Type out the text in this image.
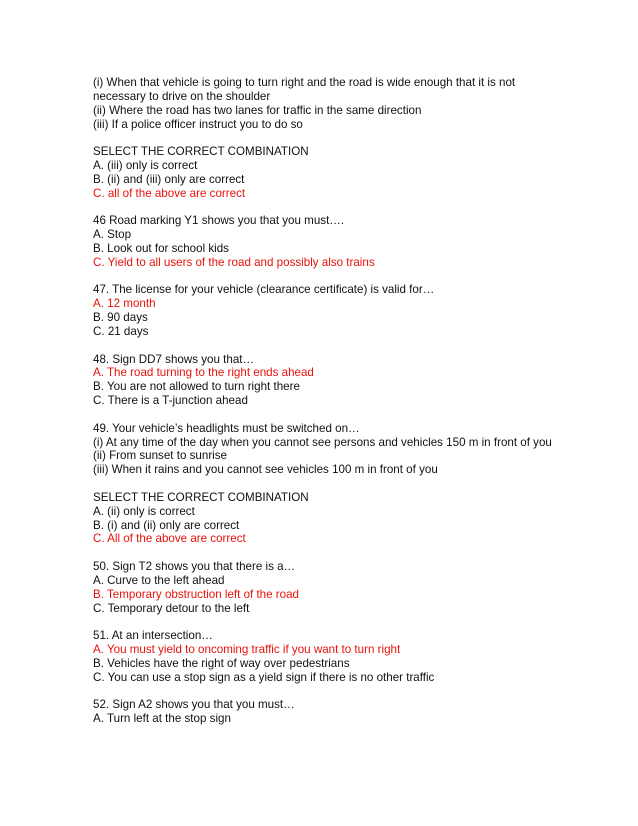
(i) When that vehicle is going to turn right and the road is wide enough that it is not necessary to drive on the shoulder
(ii) Where the road has two lanes for traffic in the same direction
(iii) If a police officer instruct you to do so
SELECT THE CORRECT COMBINATION
A. (iii) only is correct
B. (ii) and (iii) only are correct
C. all of the above are correct
46 Road marking Y1 shows you that you must….
A. Stop
B. Look out for school kids
C. Yield to all users of the road and possibly also trains
47. The license for your vehicle (clearance certificate) is valid for…
A. 12 month
B. 90 days
C. 21 days
48. Sign DD7 shows you that…
A. The road turning to the right ends ahead
B. You are not allowed to turn right there
C. There is a T-junction ahead
49. Your vehicle’s headlights must be switched on…
(i) At any time of the day when you cannot see persons and vehicles 150 m in front of you
(ii) From sunset to sunrise
(iii) When it rains and you cannot see vehicles 100 m in front of you
SELECT THE CORRECT COMBINATION
A. (ii) only is correct
B. (i) and (ii) only are correct
C. All of the above are correct
50. Sign T2 shows you that there is a…
A. Curve to the left ahead
B. Temporary obstruction left of the road
C. Temporary detour to the left
51. At an intersection…
A. You must yield to oncoming traffic if you want to turn right
B. Vehicles have the right of way over pedestrians
C. You can use a stop sign as a yield sign if there is no other traffic
52. Sign A2 shows you that you must…
A. Turn left at the stop sign
